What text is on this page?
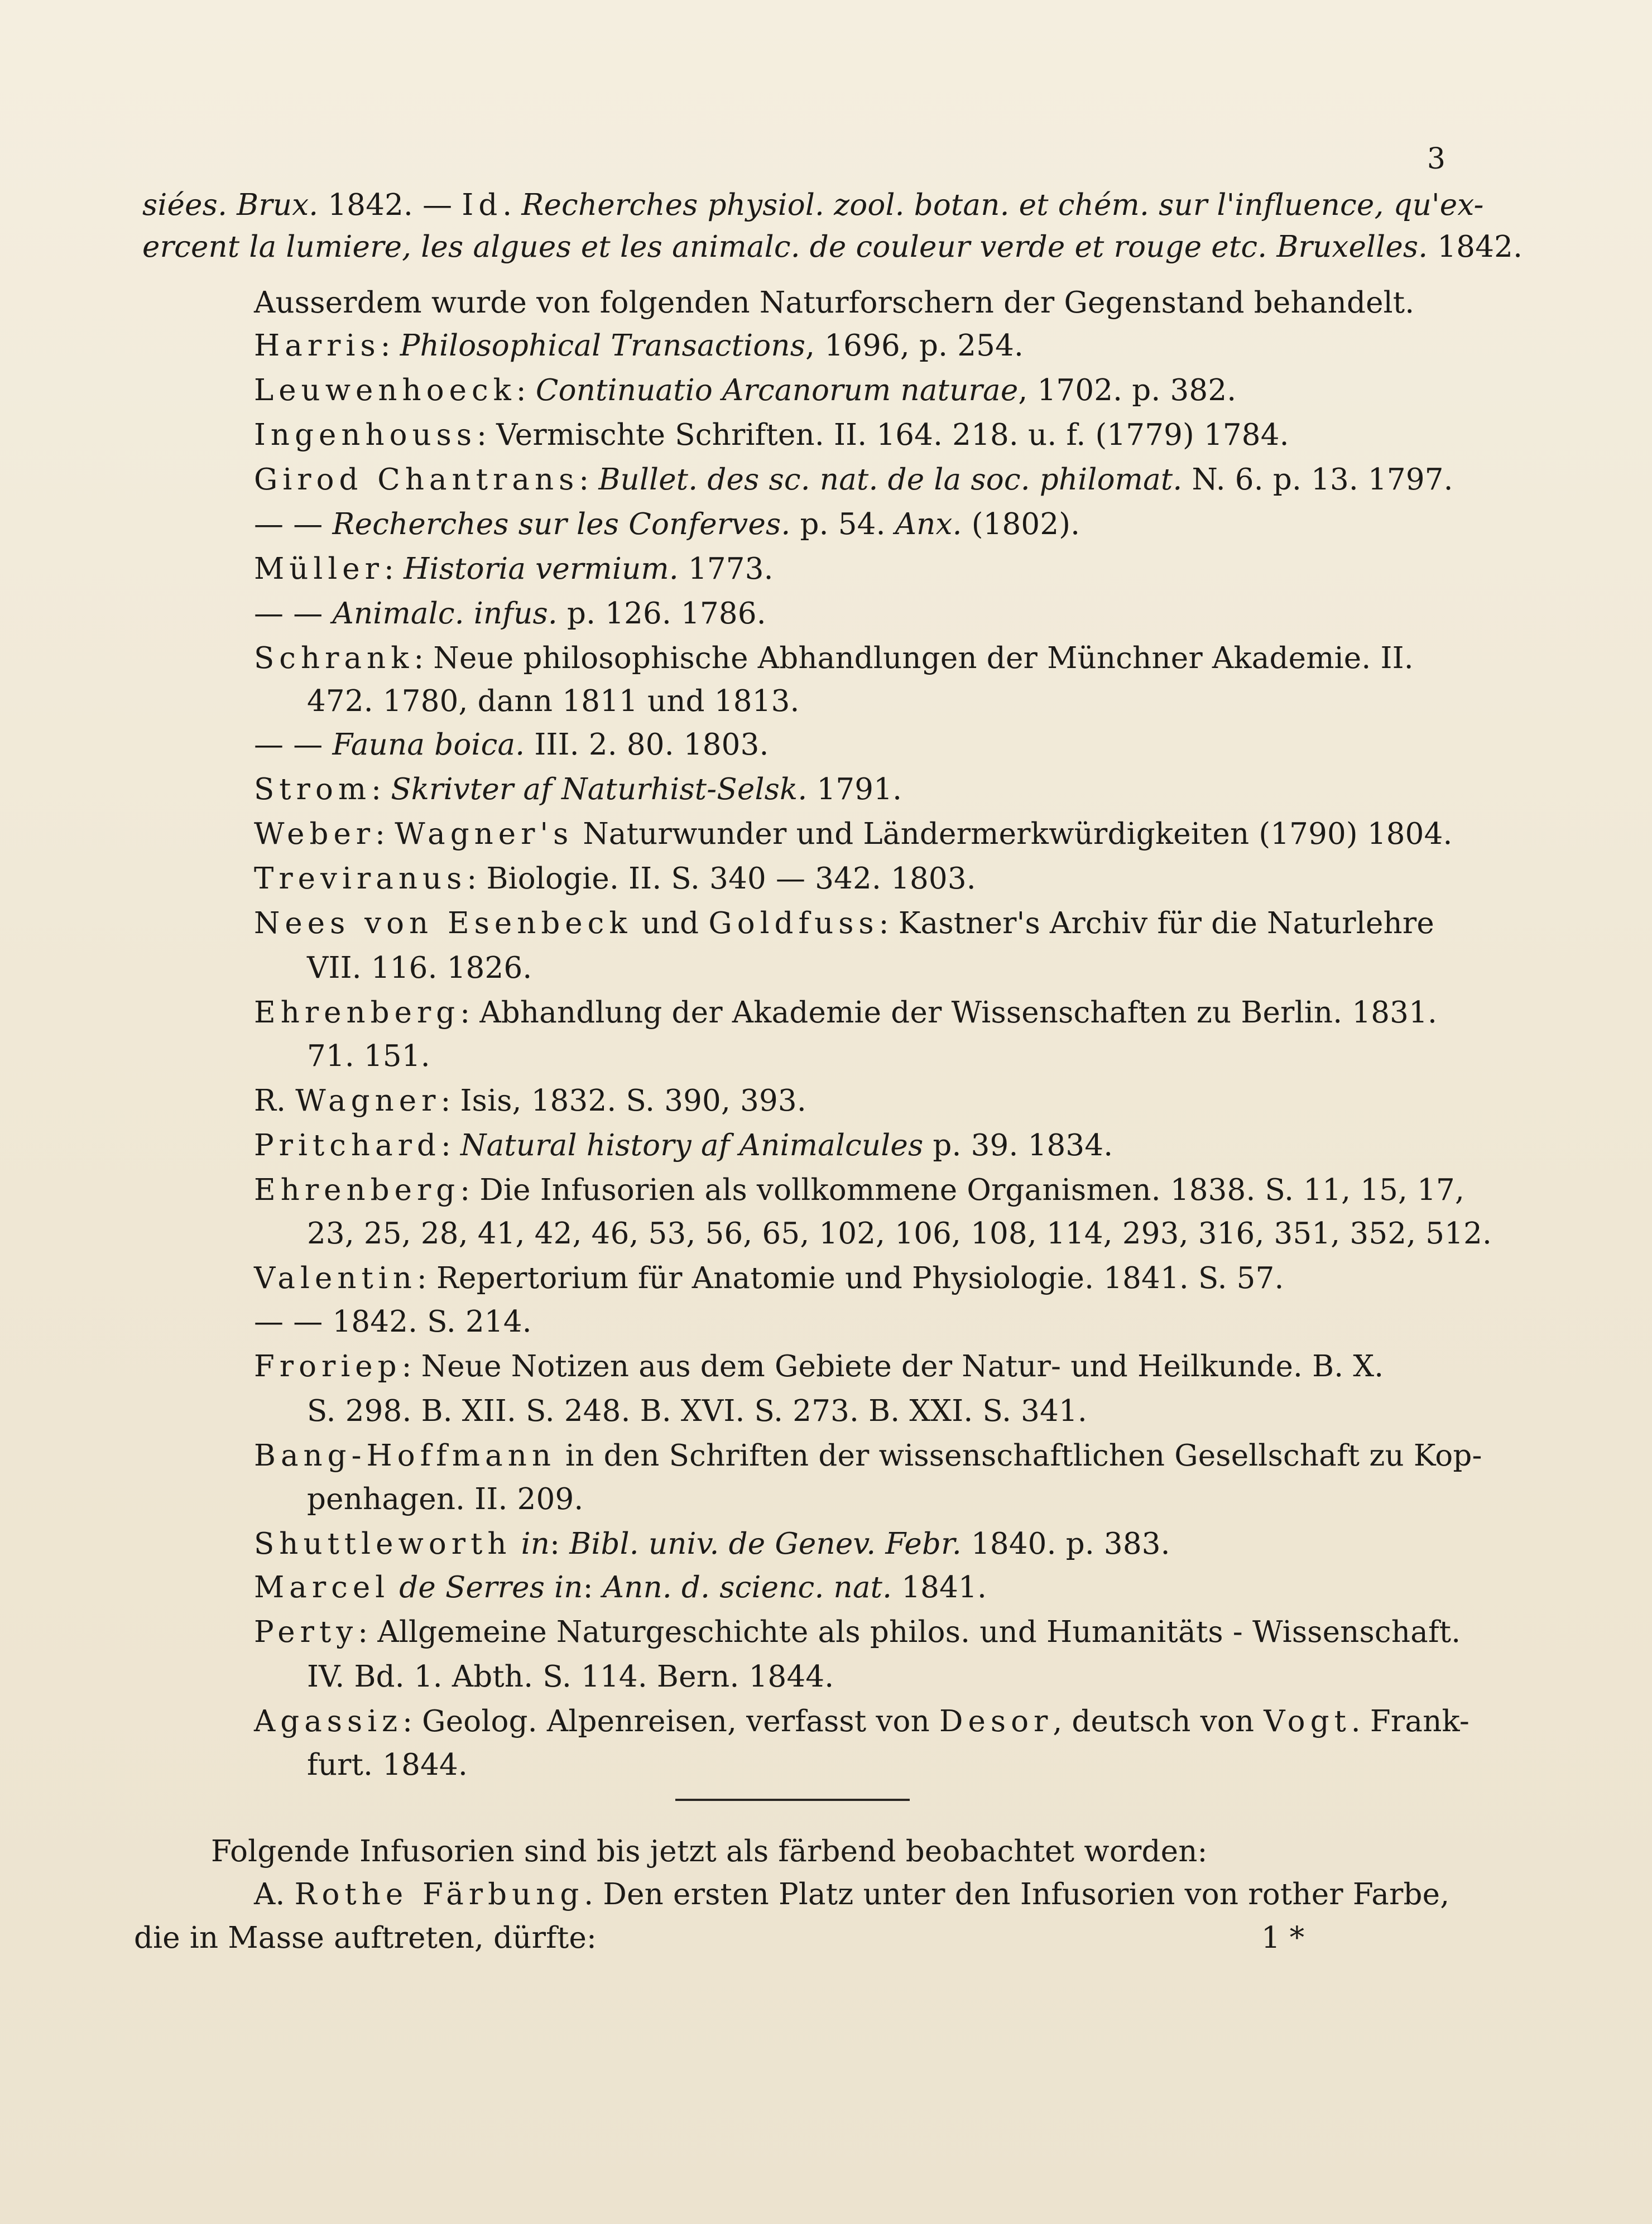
3
siées. Brux. 1842. — Id. Recherches physiol. zool. botan. et chém. sur l'influence, qu'ex-
ercent la lumiere, les algues et les animalc. de couleur verde et rouge etc. Bruxelles. 1842.
Ausserdem wurde von folgenden Naturforschern der Gegenstand behandelt.
Harris: Philosophical Transactions, 1696, p. 254.
Leuwenhoeck: Continuatio Arcanorum naturae, 1702. p. 382.
Ingenhouss: Vermischte Schriften. II. 164. 218. u. f. (1779) 1784.
Girod Chantrans: Bullet. des sc. nat. de la soc. philomat. N. 6. p. 13. 1797.
— — Recherches sur les Conferves. p. 54. Anx. (1802).
Müller: Historia vermium. 1773.
— — Animalc. infus. p. 126. 1786.
Schrank: Neue philosophische Abhandlungen der Münchner Akademie. II.
472. 1780, dann 1811 und 1813.
— — Fauna boica. III. 2. 80. 1803.
Strom: Skrivter af Naturhist-Selsk. 1791.
Weber: Wagner's Naturwunder und Ländermerkwürdigkeiten (1790) 1804.
Treviranus: Biologie. II. S. 340 — 342. 1803.
Nees von Esenbeck und Goldfuss: Kastner's Archiv für die Naturlehre
VII. 116. 1826.
Ehrenberg: Abhandlung der Akademie der Wissenschaften zu Berlin. 1831.
71. 151.
R. Wagner: Isis, 1832. S. 390, 393.
Pritchard: Natural history af Animalcules p. 39. 1834.
Ehrenberg: Die Infusorien als vollkommene Organismen. 1838. S. 11, 15, 17,
23, 25, 28, 41, 42, 46, 53, 56, 65, 102, 106, 108, 114, 293, 316, 351, 352, 512.
Valentin: Repertorium für Anatomie und Physiologie. 1841. S. 57.
— — 1842. S. 214.
Froriep: Neue Notizen aus dem Gebiete der Natur- und Heilkunde. B. X.
S. 298. B. XII. S. 248. B. XVI. S. 273. B. XXI. S. 341.
Bang-Hoffmann in den Schriften der wissenschaftlichen Gesellschaft zu Kop-
penhagen. II. 209.
Shuttleworth in: Bibl. univ. de Genev. Febr. 1840. p. 383.
Marcel de Serres in: Ann. d. scienc. nat. 1841.
Perty: Allgemeine Naturgeschichte als philos. und Humanitäts - Wissenschaft.
IV. Bd. 1. Abth. S. 114. Bern. 1844.
Agassiz: Geolog. Alpenreisen, verfasst von Desor, deutsch von Vogt. Frank-
furt. 1844.
Folgende Infusorien sind bis jetzt als färbend beobachtet worden:
A. Rothe Färbung. Den ersten Platz unter den Infusorien von rother Farbe,
die in Masse auftreten, dürfte:	1 *
